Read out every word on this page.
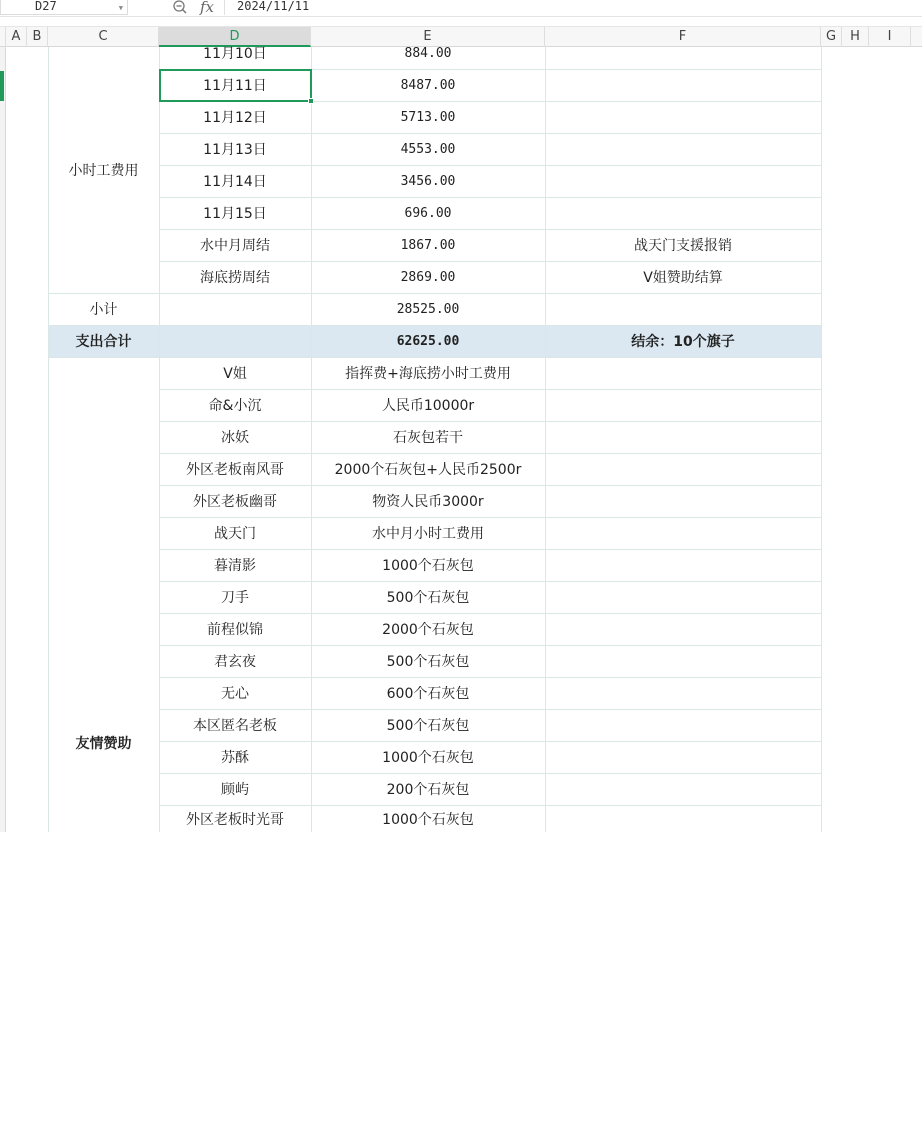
D27	▼	fx	2024/11/11
A B	C	D	E	F	G	H	I
小时工费用
11月10日	884.00
11月11日	8487.00
11月12日	5713.00
11月13日	4553.00
11月14日	3456.00
11月15日	696.00
水中月周结	1867.00	战天门支援报销
海底捞周结	2869.00	V姐赞助结算
小计	28525.00
支出合计	62625.00	结余：10个旗子
友情赞助
V姐	指挥费+海底捞小时工费用
命&小沉	人民币10000r
冰妖	石灰包若干
外区老板南风哥	2000个石灰包+人民币2500r
外区老板幽哥	物资人民币3000r
战天门	水中月小时工费用
暮清影	1000个石灰包
刀手	500个石灰包
前程似锦	2000个石灰包
君玄夜	500个石灰包
无心	600个石灰包
本区匿名老板	500个石灰包
苏酥	1000个石灰包
顾屿	200个石灰包
外区老板时光哥	1000个石灰包
